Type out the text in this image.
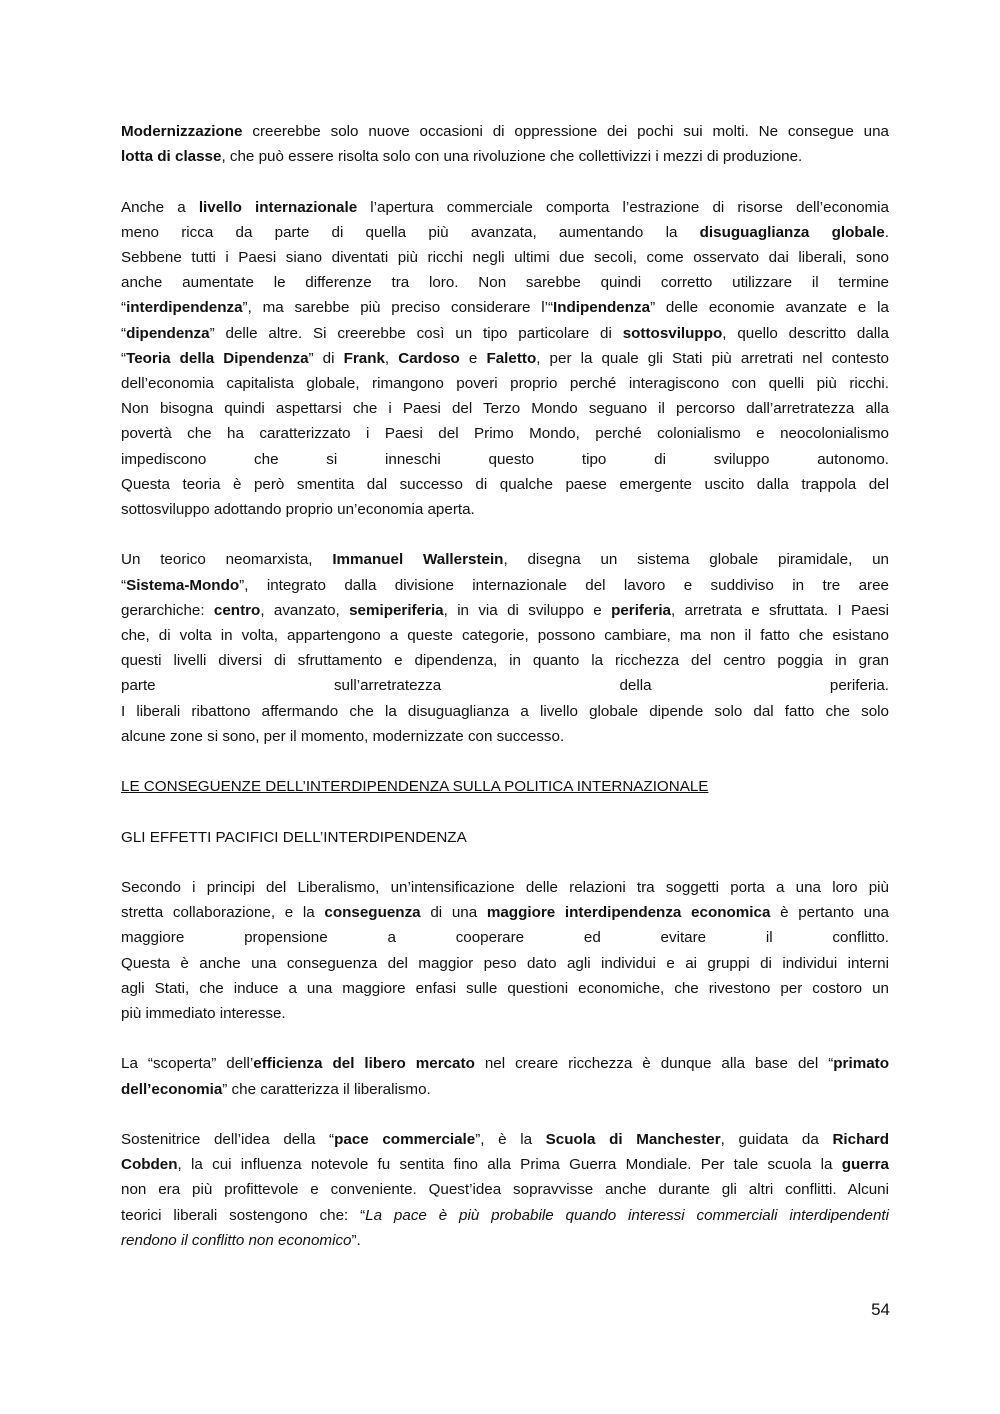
Modernizzazione creerebbe solo nuove occasioni di oppressione dei pochi sui molti. Ne consegue una
lotta di classe, che può essere risolta solo con una rivoluzione che collettivizzi i mezzi di produzione.
Anche a livello internazionale l’apertura commerciale comporta l’estrazione di risorse dell’economia
meno ricca da parte di quella più avanzata, aumentando la disuguaglianza globale.
Sebbene tutti i Paesi siano diventati più ricchi negli ultimi due secoli, come osservato dai liberali, sono
anche aumentate le differenze tra loro. Non sarebbe quindi corretto utilizzare il termine
“interdipendenza”, ma sarebbe più preciso considerare l’“Indipendenza” delle economie avanzate e la
“dipendenza” delle altre. Si creerebbe così un tipo particolare di sottosviluppo, quello descritto dalla
“Teoria della Dipendenza” di Frank, Cardoso e Faletto, per la quale gli Stati più arretrati nel contesto
dell’economia capitalista globale, rimangono poveri proprio perché interagiscono con quelli più ricchi.
Non bisogna quindi aspettarsi che i Paesi del Terzo Mondo seguano il percorso dall’arretratezza alla
povertà che ha caratterizzato i Paesi del Primo Mondo, perché colonialismo e neocolonialismo
impediscono che si inneschi questo tipo di sviluppo autonomo.
Questa teoria è però smentita dal successo di qualche paese emergente uscito dalla trappola del
sottosviluppo adottando proprio un’economia aperta.
Un teorico neomarxista, Immanuel Wallerstein, disegna un sistema globale piramidale, un
“Sistema-Mondo”, integrato dalla divisione internazionale del lavoro e suddiviso in tre aree
gerarchiche: centro, avanzato, semiperiferia, in via di sviluppo e periferia, arretrata e sfruttata. I Paesi
che, di volta in volta, appartengono a queste categorie, possono cambiare, ma non il fatto che esistano
questi livelli diversi di sfruttamento e dipendenza, in quanto la ricchezza del centro poggia in gran
parte sull’arretratezza della periferia.
I liberali ribattono affermando che la disuguaglianza a livello globale dipende solo dal fatto che solo
alcune zone si sono, per il momento, modernizzate con successo.
LE CONSEGUENZE DELL’INTERDIPENDENZA SULLA POLITICA INTERNAZIONALE
GLI EFFETTI PACIFICI DELL’INTERDIPENDENZA
Secondo i principi del Liberalismo, un’intensificazione delle relazioni tra soggetti porta a una loro più
stretta collaborazione, e la conseguenza di una maggiore interdipendenza economica è pertanto una
maggiore propensione a cooperare ed evitare il conflitto.
Questa è anche una conseguenza del maggior peso dato agli individui e ai gruppi di individui interni
agli Stati, che induce a una maggiore enfasi sulle questioni economiche, che rivestono per costoro un
più immediato interesse.
La “scoperta” dell’efficienza del libero mercato nel creare ricchezza è dunque alla base del “primato
dell’economia” che caratterizza il liberalismo.
Sostenitrice dell’idea della “pace commerciale”, è la Scuola di Manchester, guidata da Richard
Cobden, la cui influenza notevole fu sentita fino alla Prima Guerra Mondiale. Per tale scuola la guerra
non era più profittevole e conveniente. Quest’idea sopravvisse anche durante gli altri conflitti. Alcuni
teorici liberali sostengono che: “La pace è più probabile quando interessi commerciali interdipendenti
rendono il conflitto non economico”.
54
